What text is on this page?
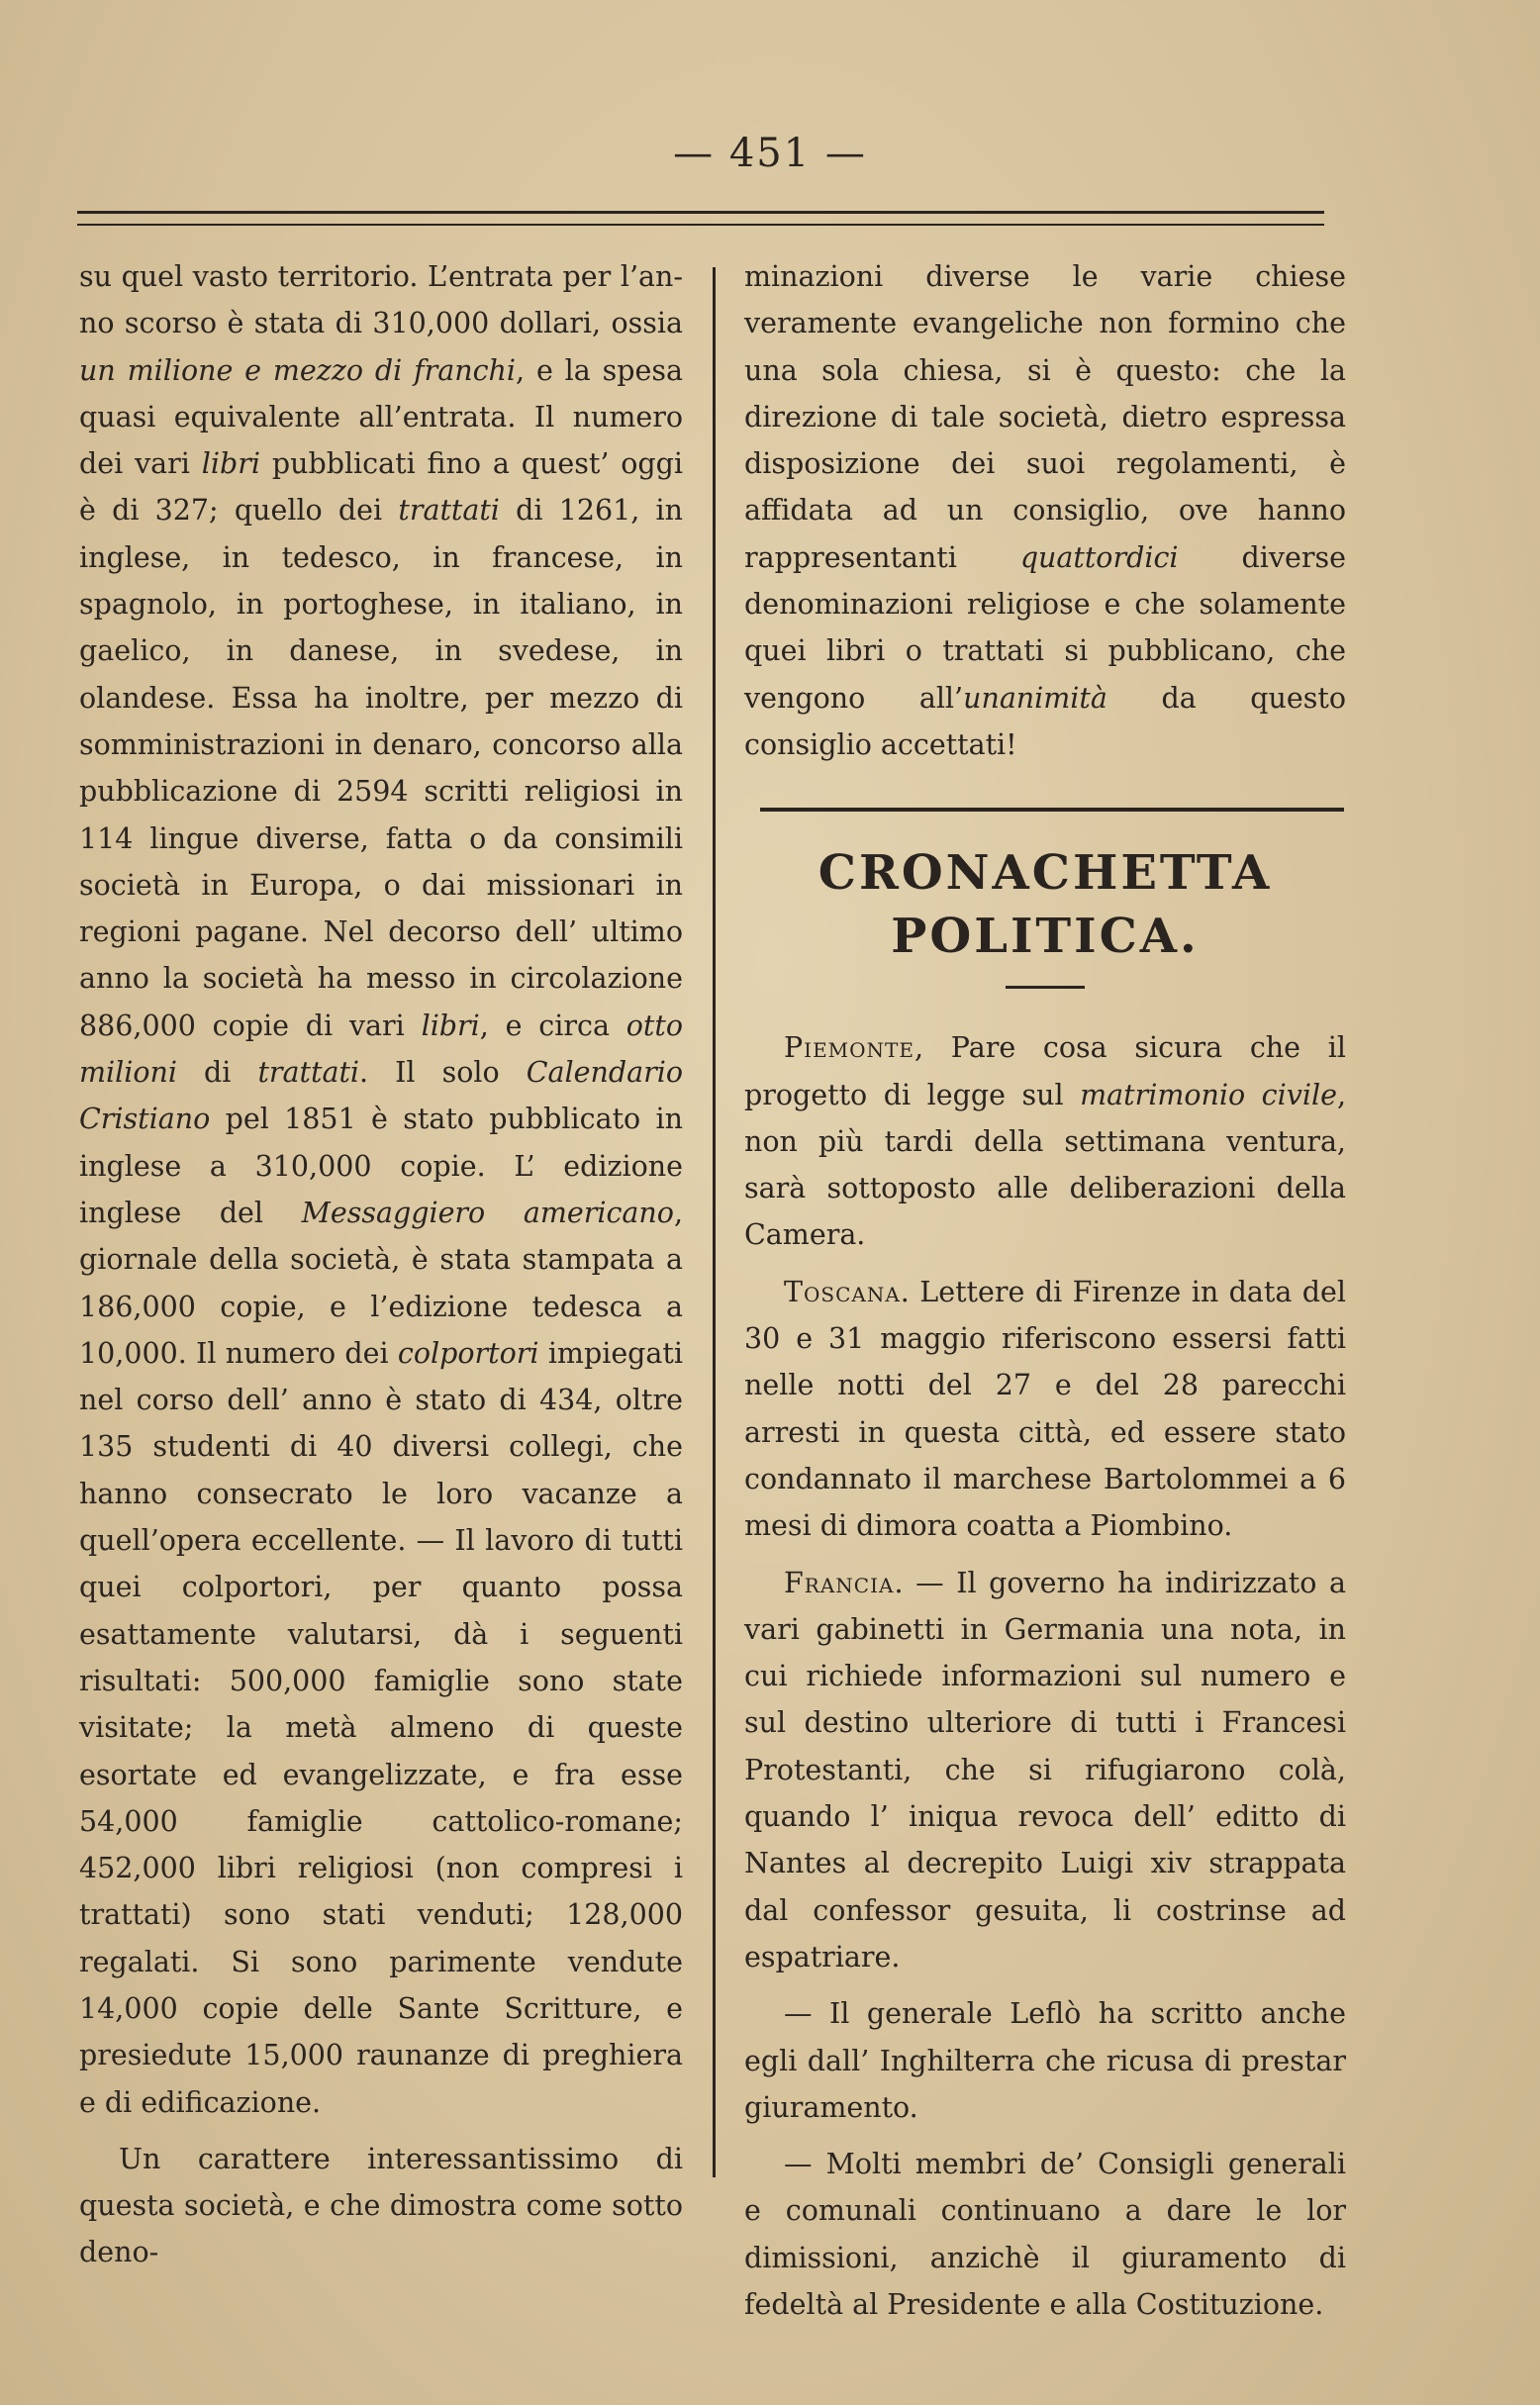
— 451 —

su quel vasto territorio. L’entrata per l’an-no scorso è stata di 310,000 dollari, ossia un milione e mezzo di franchi, e la spesa quasi equivalente all’entrata. Il numero dei vari libri pubblicati fino a quest’ oggi è di 327; quello dei trattati di 1261, in inglese, in tedesco, in francese, in spagnolo, in portoghese, in italiano, in gaelico, in danese, in svedese, in olandese. Essa ha inoltre, per mezzo di somministrazioni in denaro, concorso alla pubblicazione di 2594 scritti religiosi in 114 lingue diverse, fatta o da consimili società in Europa, o dai missionari in regioni pagane. Nel decorso dell’ ultimo anno la società ha messo in circolazione 886,000 copie di vari libri, e circa otto milioni di trattati. Il solo Calendario Cristiano pel 1851 è stato pubblicato in inglese a 310,000 copie. L’ edizione inglese del Messaggiero americano, giornale della società, è stata stampata a 186,000 copie, e l’edizione tedesca a 10,000. Il numero dei colportori impiegati nel corso dell’ anno è stato di 434, oltre 135 studenti di 40 diversi collegi, che hanno consecrato le loro vacanze a quell’opera eccellente. — Il lavoro di tutti quei colportori, per quanto possa esattamente valutarsi, dà i seguenti risultati: 500,000 famiglie sono state visitate; la metà almeno di queste esortate ed evangelizzate, e fra esse 54,000 famiglie cattolico-romane; 452,000 libri religiosi (non compresi i trattati) sono stati venduti; 128,000 regalati. Si sono parimente vendute 14,000 copie delle Sante Scritture, e presiedute 15,000 raunanze di preghiera e di edificazione.

Un carattere interessantissimo di questa società, e che dimostra come sotto deno-

minazioni diverse le varie chiese veramente evangeliche non formino che una sola chiesa, si è questo: che la direzione di tale società, dietro espressa disposizione dei suoi regolamenti, è affidata ad un consiglio, ove hanno rappresentanti quattordici diverse denominazioni religiose e che solamente quei libri o trattati si pubblicano, che vengono all’unanimità da questo consiglio accettati!

CRONACHETTA POLITICA.

Piemonte, Pare cosa sicura che il progetto di legge sul matrimonio civile, non più tardi della settimana ventura, sarà sottoposto alle deliberazioni della Camera.

Toscana. Lettere di Firenze in data del 30 e 31 maggio riferiscono essersi fatti nelle notti del 27 e del 28 parecchi arresti in questa città, ed essere stato condannato il marchese Bartolommei a 6 mesi di dimora coatta a Piombino.

Francia. — Il governo ha indirizzato a vari gabinetti in Germania una nota, in cui richiede informazioni sul numero e sul destino ulteriore di tutti i Francesi Protestanti, che si rifugiarono colà, quando l’ iniqua revoca dell’ editto di Nantes al decrepito Luigi xiv strappata dal confessor gesuita, li costrinse ad espatriare.

— Il generale Leflò ha scritto anche egli dall’ Inghilterra che ricusa di prestar giuramento.

— Molti membri de’ Consigli generali e comunali continuano a dare le lor dimissioni, anzichè il giuramento di fedeltà al Presidente e alla Costituzione.
